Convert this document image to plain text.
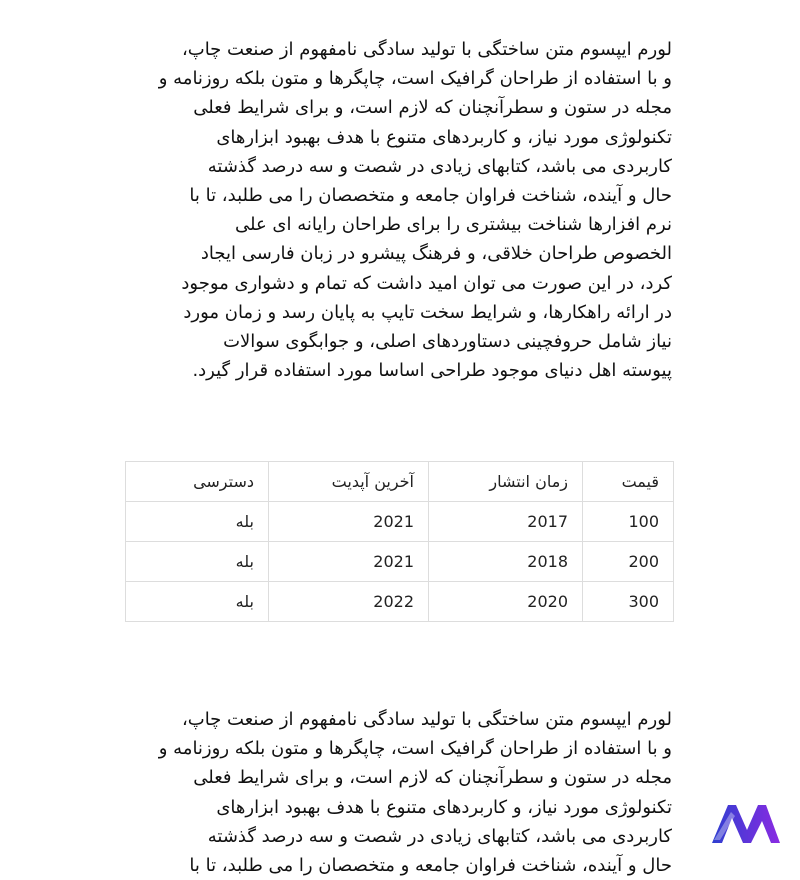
لورم ایپسوم متن ساختگی با تولید سادگی نامفهوم از صنعت چاپ،
و با استفاده از طراحان گرافیک است، چاپگرها و متون بلکه روزنامه و
مجله در ستون و سطرآنچنان که لازم است، و برای شرایط فعلی
تکنولوژی مورد نیاز، و کاربردهای متنوع با هدف بهبود ابزارهای
کاربردی می باشد، کتابهای زیادی در شصت و سه درصد گذشته
حال و آینده، شناخت فراوان جامعه و متخصصان را می طلبد، تا با
نرم افزارها شناخت بیشتری را برای طراحان رایانه ای علی
الخصوص طراحان خلاقی، و فرهنگ پیشرو در زبان فارسی ایجاد
کرد، در این صورت می توان امید داشت که تمام و دشواری موجود
در ارائه راهکارها، و شرایط سخت تایپ به پایان رسد و زمان مورد
نیاز شامل حروفچینی دستاوردهای اصلی، و جوابگوی سوالات
پیوسته اهل دنیای موجود طراحی اساسا مورد استفاده قرار گیرد.

قیمت	زمان انتشار	آخرین آپدیت	دسترسی
100	2017	2021	بله
200	2018	2021	بله
300	2020	2022	بله

لورم ایپسوم متن ساختگی با تولید سادگی نامفهوم از صنعت چاپ،
و با استفاده از طراحان گرافیک است، چاپگرها و متون بلکه روزنامه و
مجله در ستون و سطرآنچنان که لازم است، و برای شرایط فعلی
تکنولوژی مورد نیاز، و کاربردهای متنوع با هدف بهبود ابزارهای
کاربردی می باشد، کتابهای زیادی در شصت و سه درصد گذشته
حال و آینده، شناخت فراوان جامعه و متخصصان را می طلبد، تا با
